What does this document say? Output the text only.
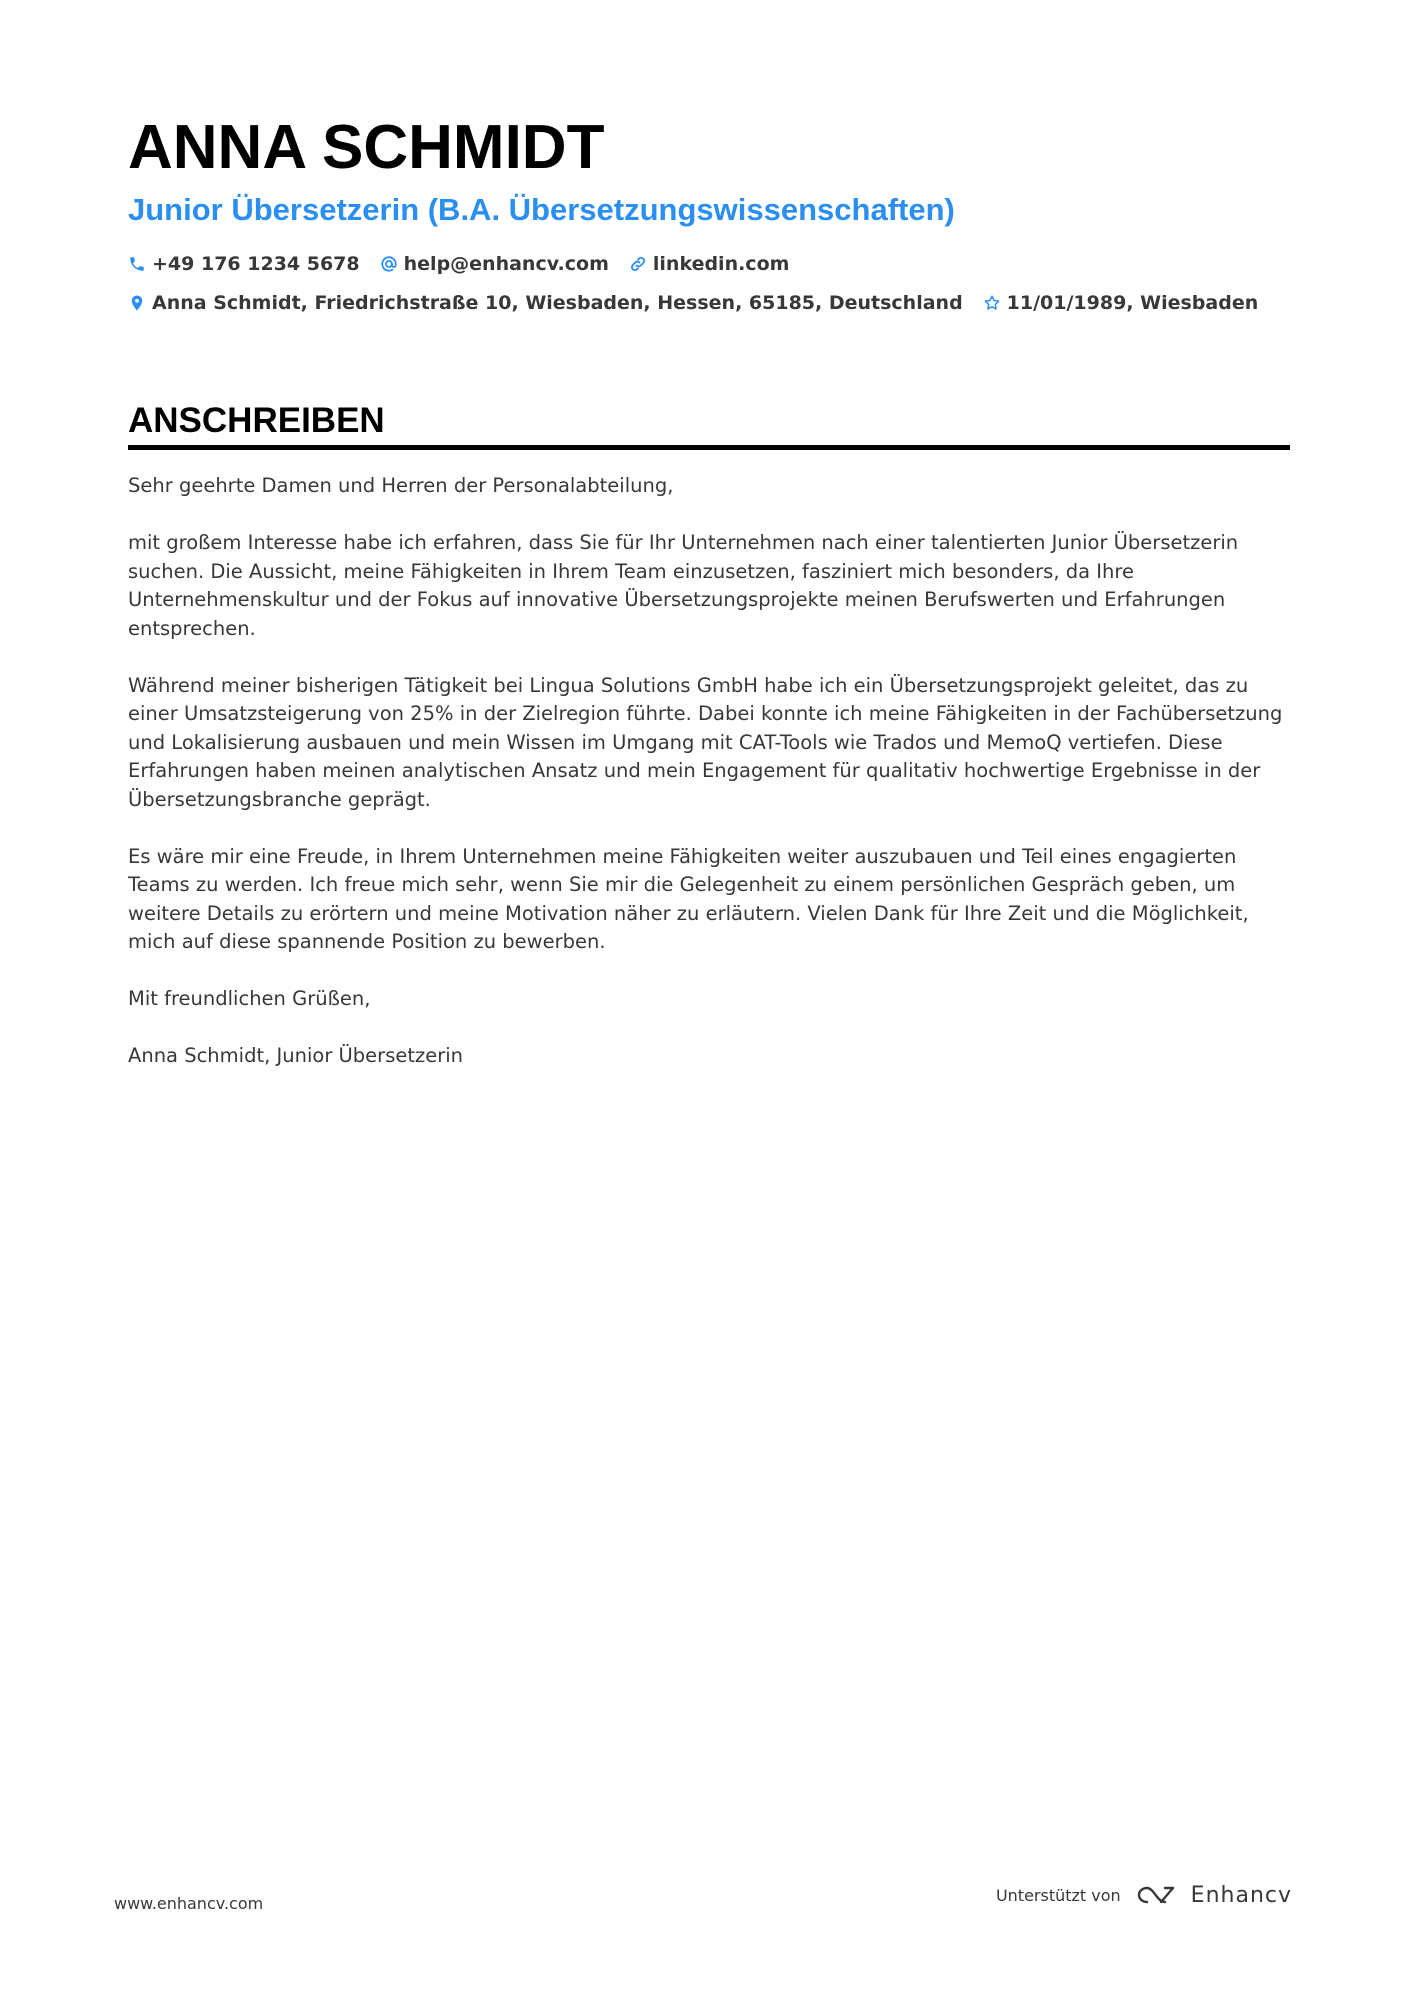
ANNA SCHMIDT
Junior Übersetzerin (B.A. Übersetzungswissenschaften)
+49 176 1234 5678 help@enhancv.com linkedin.com
Anna Schmidt, Friedrichstraße 10, Wiesbaden, Hessen, 65185, Deutschland 11/01/1989, Wiesbaden
ANSCHREIBEN

Sehr geehrte Damen und Herren der Personalabteilung,

mit großem Interesse habe ich erfahren, dass Sie für Ihr Unternehmen nach einer talentierten Junior Übersetzerin suchen. Die Aussicht, meine Fähigkeiten in Ihrem Team einzusetzen, fasziniert mich besonders, da Ihre Unternehmenskultur und der Fokus auf innovative Übersetzungsprojekte meinen Berufswerten und Erfahrungen entsprechen.

Während meiner bisherigen Tätigkeit bei Lingua Solutions GmbH habe ich ein Übersetzungsprojekt geleitet, das zu einer Umsatzsteigerung von 25% in der Zielregion führte. Dabei konnte ich meine Fähigkeiten in der Fachübersetzung und Lokalisierung ausbauen und mein Wissen im Umgang mit CAT-Tools wie Trados und MemoQ vertiefen. Diese Erfahrungen haben meinen analytischen Ansatz und mein Engagement für qualitativ hochwertige Ergebnisse in der Übersetzungsbranche geprägt.

Es wäre mir eine Freude, in Ihrem Unternehmen meine Fähigkeiten weiter auszubauen und Teil eines engagierten Teams zu werden. Ich freue mich sehr, wenn Sie mir die Gelegenheit zu einem persönlichen Gespräch geben, um weitere Details zu erörtern und meine Motivation näher zu erläutern. Vielen Dank für Ihre Zeit und die Möglichkeit, mich auf diese spannende Position zu bewerben.

Mit freundlichen Grüßen,

Anna Schmidt, Junior Übersetzerin

www.enhancv.com	Unterstützt von	Enhancv
